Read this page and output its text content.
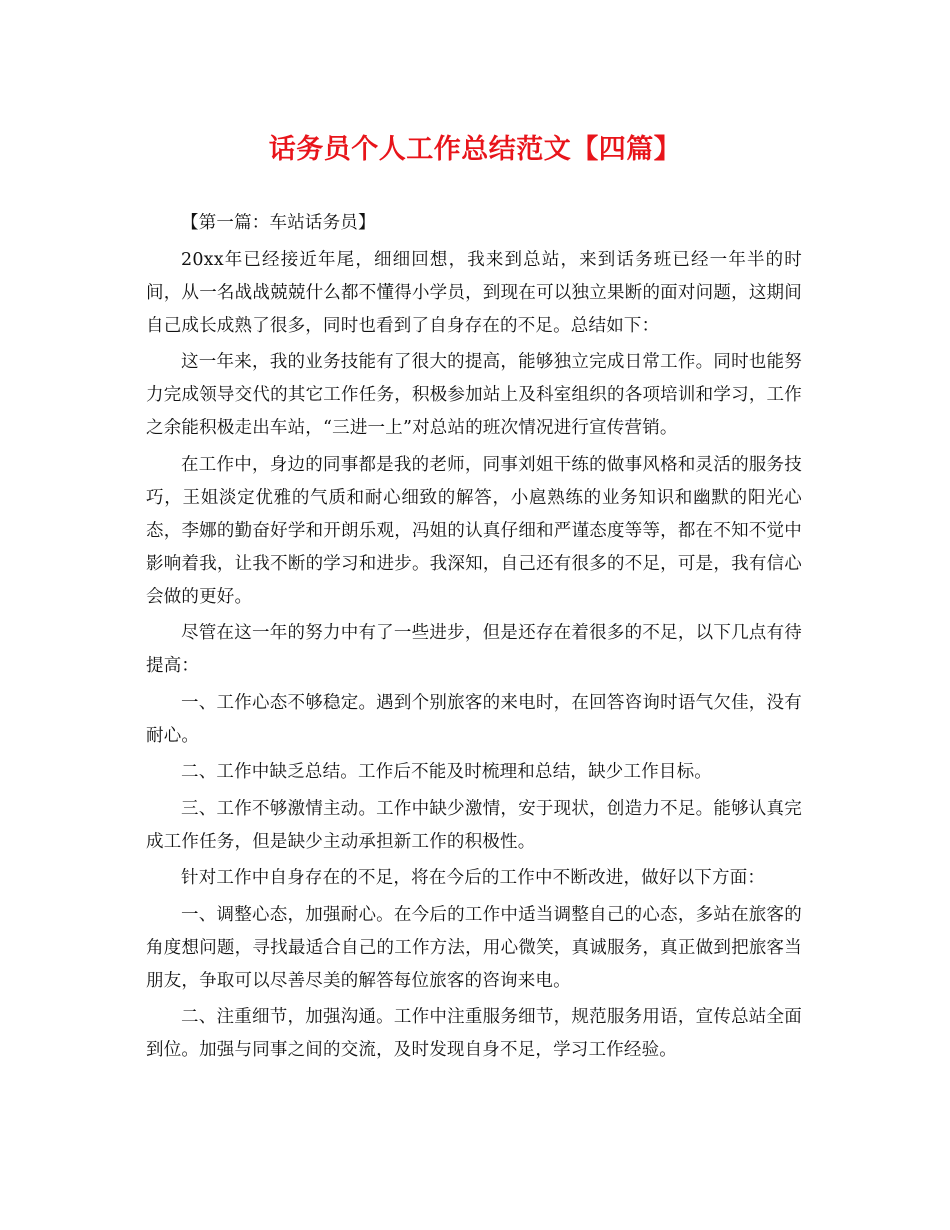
话务员个人工作总结范文【四篇】

【第一篇：车站话务员】

20xx年已经接近年尾，细细回想，我来到总站，来到话务班已经一年半的时间，从一名战战兢兢什么都不懂得小学员，到现在可以独立果断的面对问题，这期间自己成长成熟了很多，同时也看到了自身存在的不足。总结如下：

这一年来，我的业务技能有了很大的提高，能够独立完成日常工作。同时也能努力完成领导交代的其它工作任务，积极参加站上及科室组织的各项培训和学习，工作之余能积极走出车站，“三进一上”对总站的班次情况进行宣传营销。

在工作中，身边的同事都是我的老师，同事刘姐干练的做事风格和灵活的服务技巧，王姐淡定优雅的气质和耐心细致的解答，小扈熟练的业务知识和幽默的阳光心态，李娜的勤奋好学和开朗乐观，冯姐的认真仔细和严谨态度等等，都在不知不觉中影响着我，让我不断的学习和进步。我深知，自己还有很多的不足，可是，我有信心会做的更好。

尽管在这一年的努力中有了一些进步，但是还存在着很多的不足，以下几点有待提高：

一、工作心态不够稳定。遇到个别旅客的来电时，在回答咨询时语气欠佳，没有耐心。

二、工作中缺乏总结。工作后不能及时梳理和总结，缺少工作目标。

三、工作不够激情主动。工作中缺少激情，安于现状，创造力不足。能够认真完成工作任务，但是缺少主动承担新工作的积极性。

针对工作中自身存在的不足，将在今后的工作中不断改进，做好以下方面：

一、调整心态，加强耐心。在今后的工作中适当调整自己的心态，多站在旅客的角度想问题，寻找最适合自己的工作方法，用心微笑，真诚服务，真正做到把旅客当朋友，争取可以尽善尽美的解答每位旅客的咨询来电。

二、注重细节，加强沟通。工作中注重服务细节，规范服务用语，宣传总站全面到位。加强与同事之间的交流，及时发现自身不足，学习工作经验。
